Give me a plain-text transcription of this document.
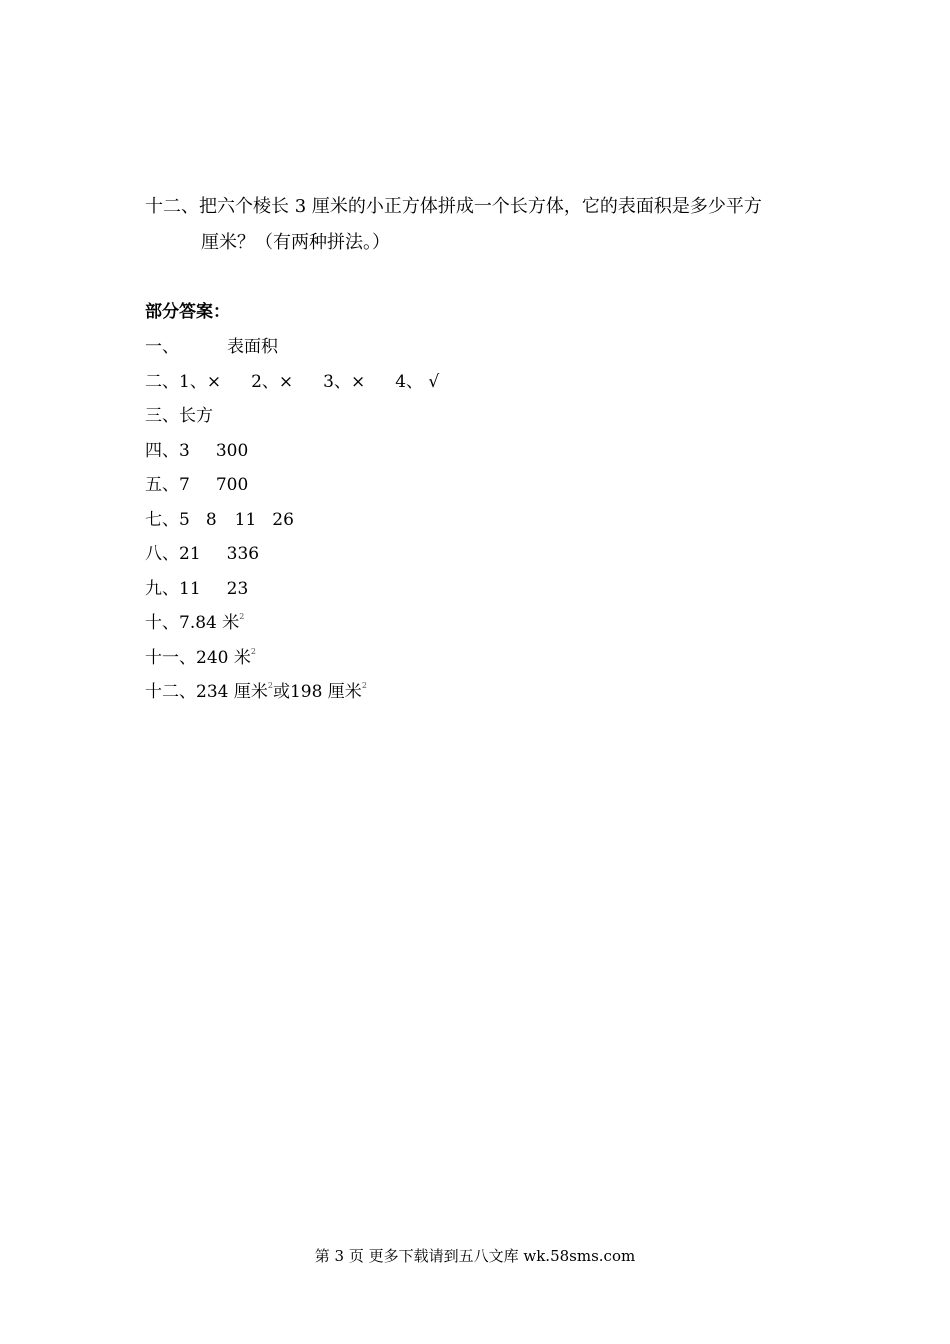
十二、把六个棱长 3 厘米的小正方体拼成一个长方体，它的表面积是多少平方
厘米？（有两种拼法。）
部分答案：
一、	表面积
二、1、× 2、× 3、× 4、 √
三、长方
四、3 300
五、7 700
七、5 8 11 26
八、21 336
九、11 23
十、7.84 米$^2$
十一、240 米$^2$
十二、234 厘米$^2$或198 厘米$^2$
第 3 页 更多下载请到五八文库 wk.58sms.com
